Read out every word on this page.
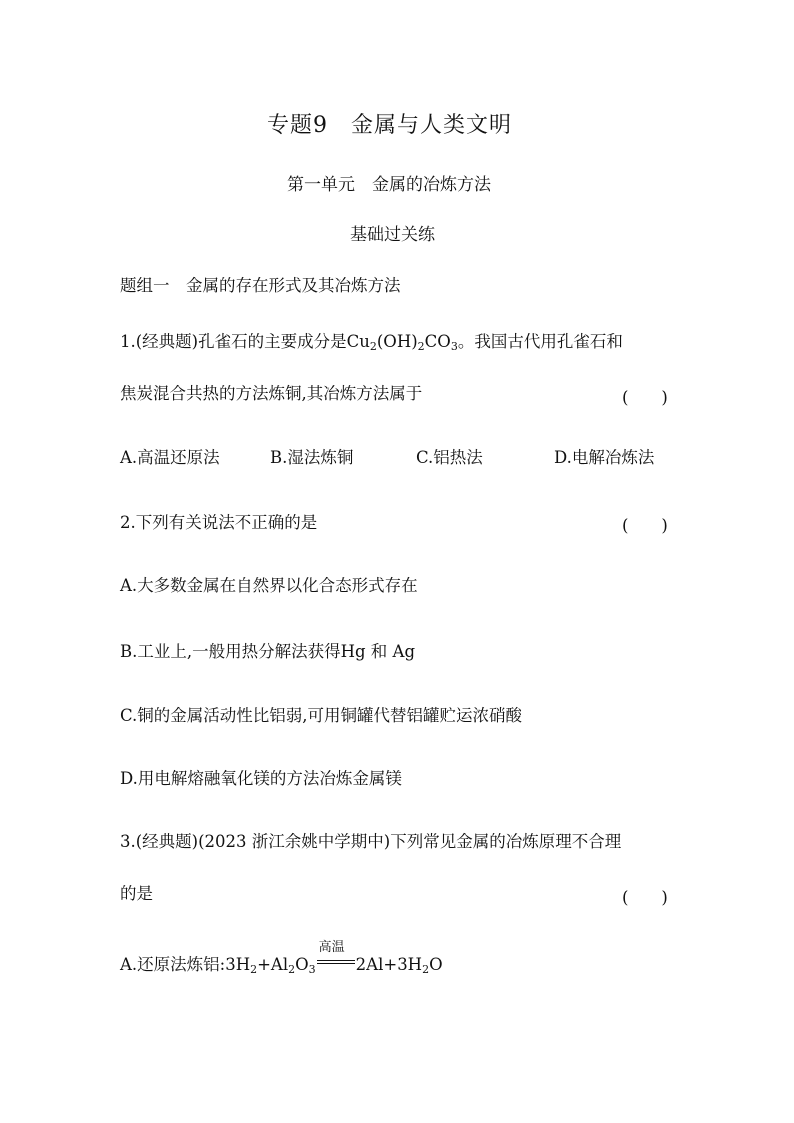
专题9　金属与人类文明
第一单元　金属的冶炼方法
基础过关练
题组一　金属的存在形式及其冶炼方法
1.(经典题)孔雀石的主要成分是$Cu_2(OH)_2CO_3$。我国古代用孔雀石和
焦炭混合共热的方法炼铜,其冶炼方法属于	(　　)
A.高温还原法	B.湿法炼铜	C.铝热法	D.电解冶炼法
2.下列有关说法不正确的是	(　　)
A.大多数金属在自然界以化合态形式存在
B.工业上,一般用热分解法获得Hg 和 Ag
C.铜的金属活动性比铝弱,可用铜罐代替铝罐贮运浓硝酸
D.用电解熔融氧化镁的方法冶炼金属镁
3.(经典题)(2023 浙江余姚中学期中)下列常见金属的冶炼原理不合理
的是	(　　)
A.还原法炼铝$:3H_2+Al_2O_3$
高温
$2Al+3H_2O$
